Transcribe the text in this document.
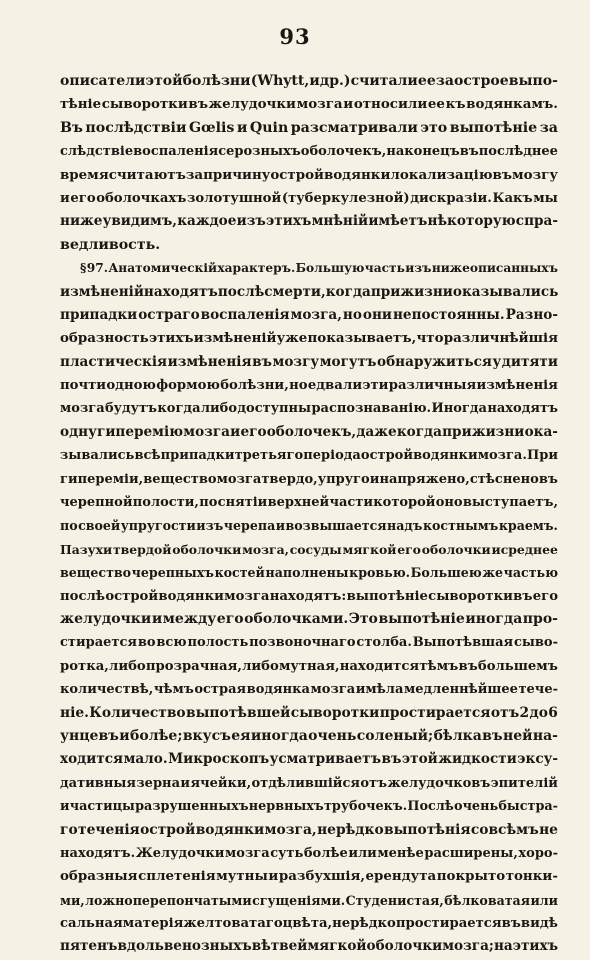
93
описатели этой болѣзни (Whytt, и др.) считали ее за острое выпо-
тѣніе сыворотки въ желудочки мозга и относили ее къ водянкамъ.
Въ послѣдствіи Gœlis и Quin разсматривали это выпотѣніе за
слѣдствіе воспаленія серозныхъ оболочекъ, наконецъ въ послѣднее
время считаютъ за причину острой водянки локализацію въ мозгу
и его оболочкахъ золотушной (туберкулезной) дискразіи. Какъ мы
ниже увидимъ, каждое изъ этихъ мнѣній имѣетъ нѣкоторую спра-
ведливость.
§ 97. Анатомическій характеръ. Большую часть изъ нижеописанныхъ
измѣненій находятъ послѣ смерти, когда при жизни оказывались
припадки остраго воспаленія мозга, но они непостоянны. Разно-
образность этихъ измѣненій уже показываетъ, что различнѣйшія
пластическія измѣненія въ мозгу могутъ обнаружиться у дитяти
почти одною формою болѣзни, но едва ли эти различныя измѣненія
мозга будутъ когда либо доступны распознаванію. Иногда находятъ
одну гиперемію мозга и его оболочекъ, даже когда при жизни ока-
зывались всѣ припадки третьяго періода острой водянки мозга. При
гипереміи, вещество мозга твердо, упруго и напряжено, стѣснено въ
черепной полости, по снятіи верхней части которой оно выступаетъ,
по своей упругости изъ черепа и возвышается надъ костнымъ краемъ.
Пазухи твердой оболочки мозга, сосуды мягкой его оболочки исреднее
вещество черепныхъ костей наполнены кровью. Большею же частью
послѣ острой водянки мозга находятъ: выпотѣніе сыворотки въ его
желудочки и между его оболочками. Это выпотѣніе иногда про-
стирается во всю полость позвоночнаго столба. Выпотѣвшая сыво-
ротка, либо прозрачная, либо мутная, находится тѣмъ въ большемъ
количествѣ, чѣмъ острая водянка мозга имѣла медленнѣйшее тече-
ніе. Количество выпотѣвшей сыворотки простирается отъ 2 до 6
унцевъ и болѣе; вкусъ ея иногда очень соленый; бѣлка въ ней на-
ходится мало. Микроскопъ усматриваетъ въ этой жидкости эксу-
дативныя зерна и ячейки, отдѣлившійся отъ желудочковъ эпителій
и частицы разрушенныхъ нервныхъ трубочекъ. Послѣ очень быстра-
го теченія острой водянки мозга, нерѣдко выпотѣнія совсѣмъ не
находятъ. Желудочки мозга суть болѣе или менѣе расширены, хоро-
образныя сплетенія мутны и разбухшія, ерендута покрыто тонки-
ми, ложноперепончатыми сгущеніями. Студенистая, бѣлковатая или
сальная матерія желтоватаго цвѣта, нерѣдко простирается въ видѣ
пятенъ вдоль венозныхъ вѣтвей мягкой оболочки мозга; на этихъ
